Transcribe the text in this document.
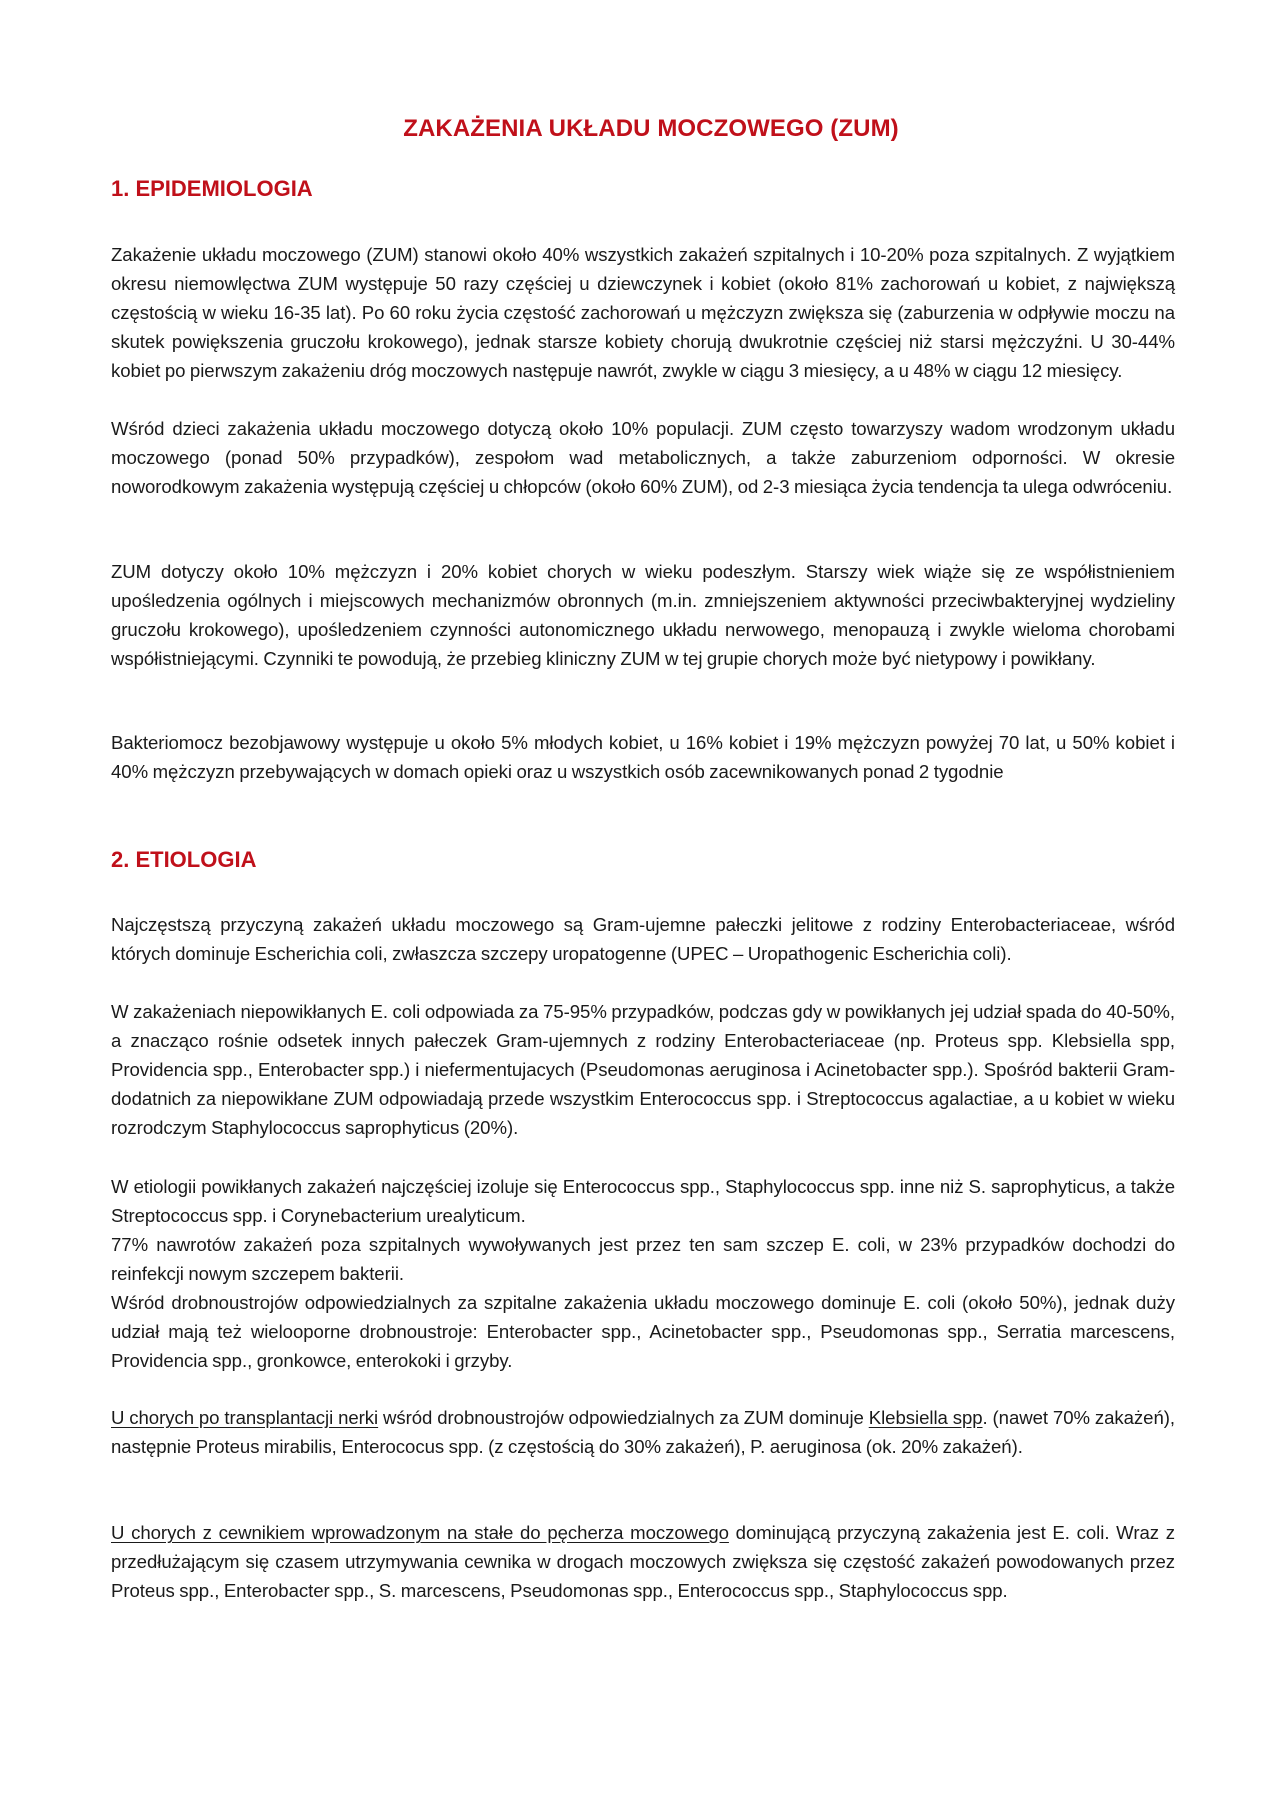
ZAKAŻENIA UKŁADU MOCZOWEGO (ZUM)
1. EPIDEMIOLOGIA

Zakażenie układu moczowego (ZUM) stanowi około 40% wszystkich zakażeń szpitalnych i 10-20% poza szpitalnych. Z wyjątkiem okresu niemowlęctwa ZUM występuje 50 razy częściej u dziewczynek i kobiet (około 81% zachorowań u kobiet, z największą częstością w wieku 16-35 lat). Po 60 roku życia częstość zachorowań u mężczyzn zwiększa się (zaburzenia w odpływie moczu na skutek powiększenia gruczołu krokowego), jednak starsze kobiety chorują dwukrotnie częściej niż starsi mężczyźni. U 30-44% kobiet po pierwszym zakażeniu dróg moczowych następuje nawrót, zwykle w ciągu 3 miesięcy, a u 48% w ciągu 12 miesięcy.

Wśród dzieci zakażenia układu moczowego dotyczą około 10% populacji. ZUM często towarzyszy wadom wrodzonym układu moczowego (ponad 50% przypadków), zespołom wad metabolicznych, a także zaburzeniom odporności. W okresie noworodkowym zakażenia występują częściej u chłopców (około 60% ZUM), od 2-3 miesiąca życia tendencja ta ulega odwróceniu.

ZUM dotyczy około 10% mężczyzn i 20% kobiet chorych w wieku podeszłym. Starszy wiek wiąże się ze współistnieniem upośledzenia ogólnych i miejscowych mechanizmów obronnych (m.in. zmniejszeniem aktywności przeciwbakteryjnej wydzieliny gruczołu krokowego), upośledzeniem czynności autonomicznego układu nerwowego, menopauzą i zwykle wieloma chorobami współistniejącymi. Czynniki te powodują, że przebieg kliniczny ZUM w tej grupie chorych może być nietypowy i powikłany.

Bakteriomocz bezobjawowy występuje u około 5% młodych kobiet, u 16% kobiet i 19% mężczyzn powyżej 70 lat, u 50% kobiet i 40% mężczyzn przebywających w domach opieki oraz u wszystkich osób zacewnikowanych ponad 2 tygodnie

2. ETIOLOGIA

Najczęstszą przyczyną zakażeń układu moczowego są Gram-ujemne pałeczki jelitowe z rodziny Enterobacteriaceae, wśród których dominuje Escherichia coli, zwłaszcza szczepy uropatogenne (UPEC – Uropathogenic Escherichia coli).

W zakażeniach niepowikłanych E. coli odpowiada za 75-95% przypadków, podczas gdy w powikłanych jej udział spada do 40-50%, a znacząco rośnie odsetek innych pałeczek Gram-ujemnych z rodziny Enterobacteriaceae (np. Proteus spp. Klebsiella spp, Providencia spp., Enterobacter spp.) i niefermentujacych (Pseudomonas aeruginosa i Acinetobacter spp.). Spośród bakterii Gram-dodatnich za niepowikłane ZUM odpowiadają przede wszystkim Enterococcus spp. i Streptococcus agalactiae, a u kobiet w wieku rozrodczym Staphylococcus saprophyticus (20%).

W etiologii powikłanych zakażeń najczęściej izoluje się Enterococcus spp., Staphylococcus spp. inne niż S. saprophyticus, a także Streptococcus spp. i Corynebacterium urealyticum.

77% nawrotów zakażeń poza szpitalnych wywoływanych jest przez ten sam szczep E. coli, w 23% przypadków dochodzi do reinfekcji nowym szczepem bakterii.

Wśród drobnoustrojów odpowiedzialnych za szpitalne zakażenia układu moczowego dominuje E. coli (około 50%), jednak duży udział mają też wielooporne drobnoustroje: Enterobacter spp., Acinetobacter spp., Pseudomonas spp., Serratia marcescens, Providencia spp., gronkowce, enterokoki i grzyby.

U chorych po transplantacji nerki wśród drobnoustrojów odpowiedzialnych za ZUM dominuje Klebsiella spp. (nawet 70% zakażeń), następnie Proteus mirabilis, Enterococus spp. (z częstością do 30% zakażeń), P. aeruginosa (ok. 20% zakażeń).

U chorych z cewnikiem wprowadzonym na stałe do pęcherza moczowego dominującą przyczyną zakażenia jest E. coli. Wraz z przedłużającym się czasem utrzymywania cewnika w drogach moczowych zwiększa się częstość zakażeń powodowanych przez Proteus spp., Enterobacter spp., S. marcescens, Pseudomonas spp., Enterococcus spp., Staphylococcus spp.
